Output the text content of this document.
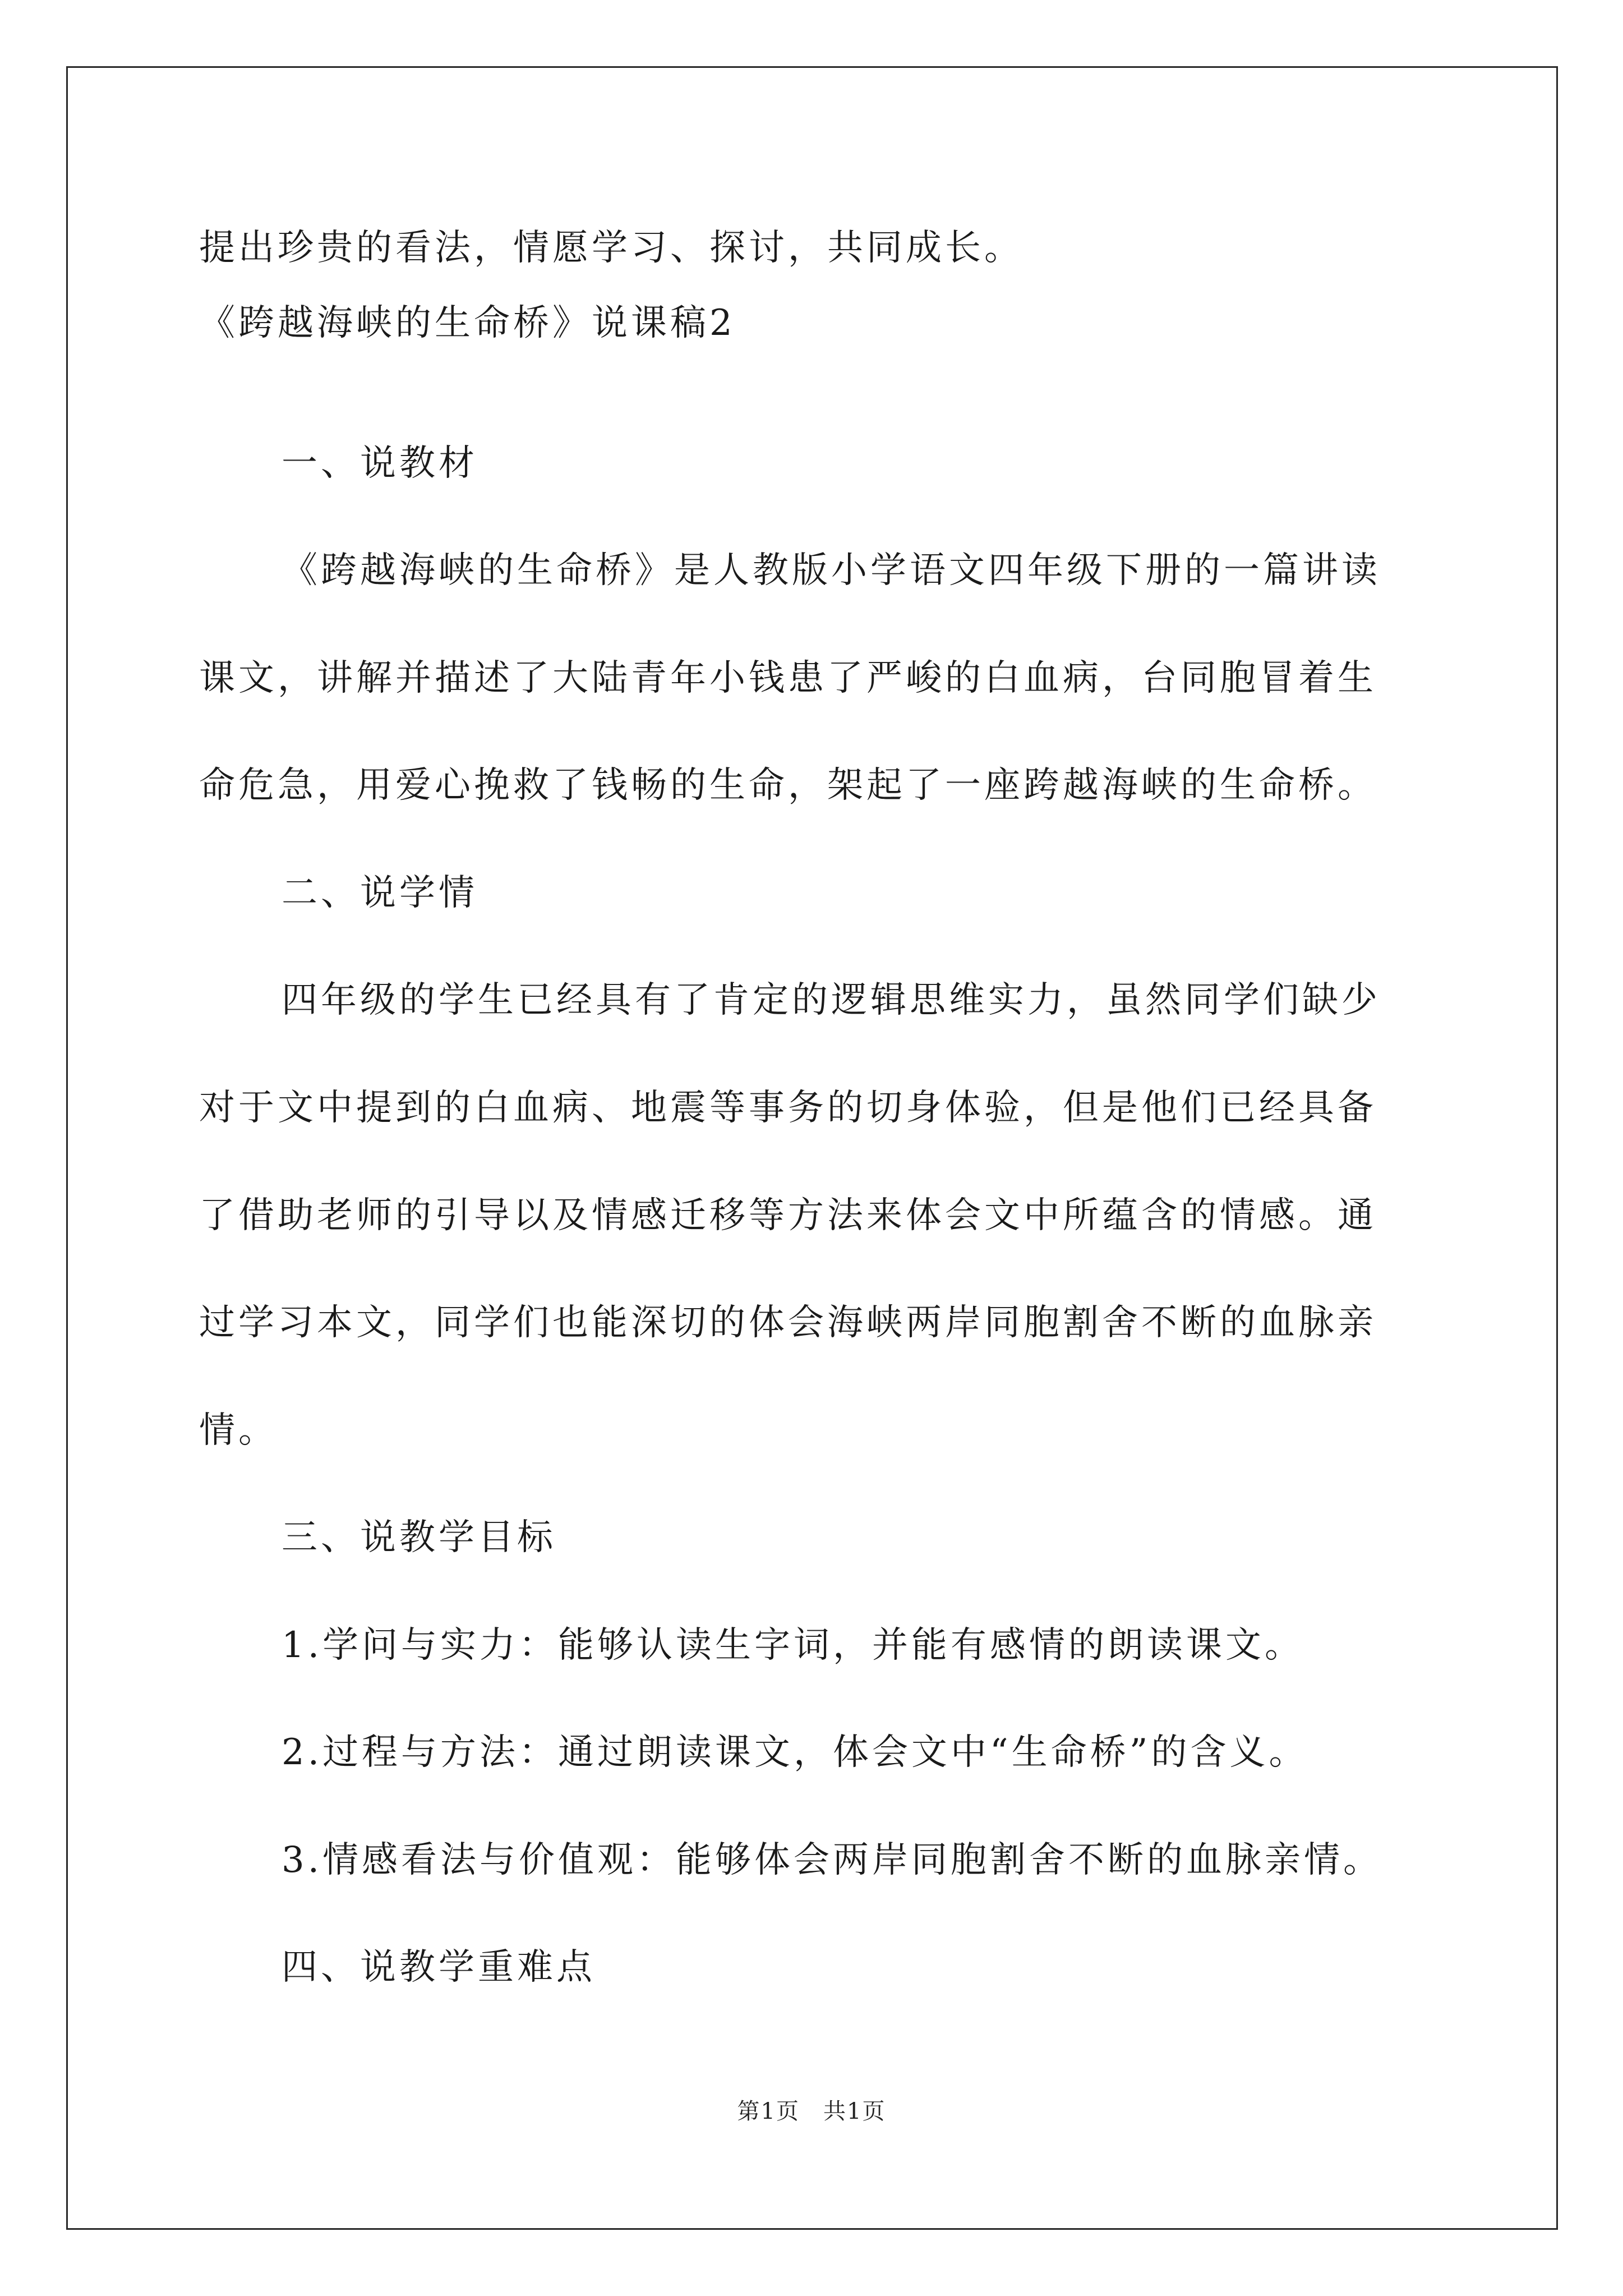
提出珍贵的看法，情愿学习、探讨，共同成长。
《跨越海峡的生命桥》说课稿2
一、说教材
《跨越海峡的生命桥》是人教版小学语文四年级下册的一篇讲读
课文，讲解并描述了大陆青年小钱患了严峻的白血病，台同胞冒着生
命危急，用爱心挽救了钱畅的生命，架起了一座跨越海峡的生命桥。
二、说学情
四年级的学生已经具有了肯定的逻辑思维实力，虽然同学们缺少
对于文中提到的白血病、地震等事务的切身体验，但是他们已经具备
了借助老师的引导以及情感迁移等方法来体会文中所蕴含的情感。通
过学习本文，同学们也能深切的体会海峡两岸同胞割舍不断的血脉亲
情。
三、说教学目标
1.学问与实力：能够认读生字词，并能有感情的朗读课文。
2.过程与方法：通过朗读课文，体会文中“生命桥”的含义。
3.情感看法与价值观：能够体会两岸同胞割舍不断的血脉亲情。
四、说教学重难点
第1页　共1页
